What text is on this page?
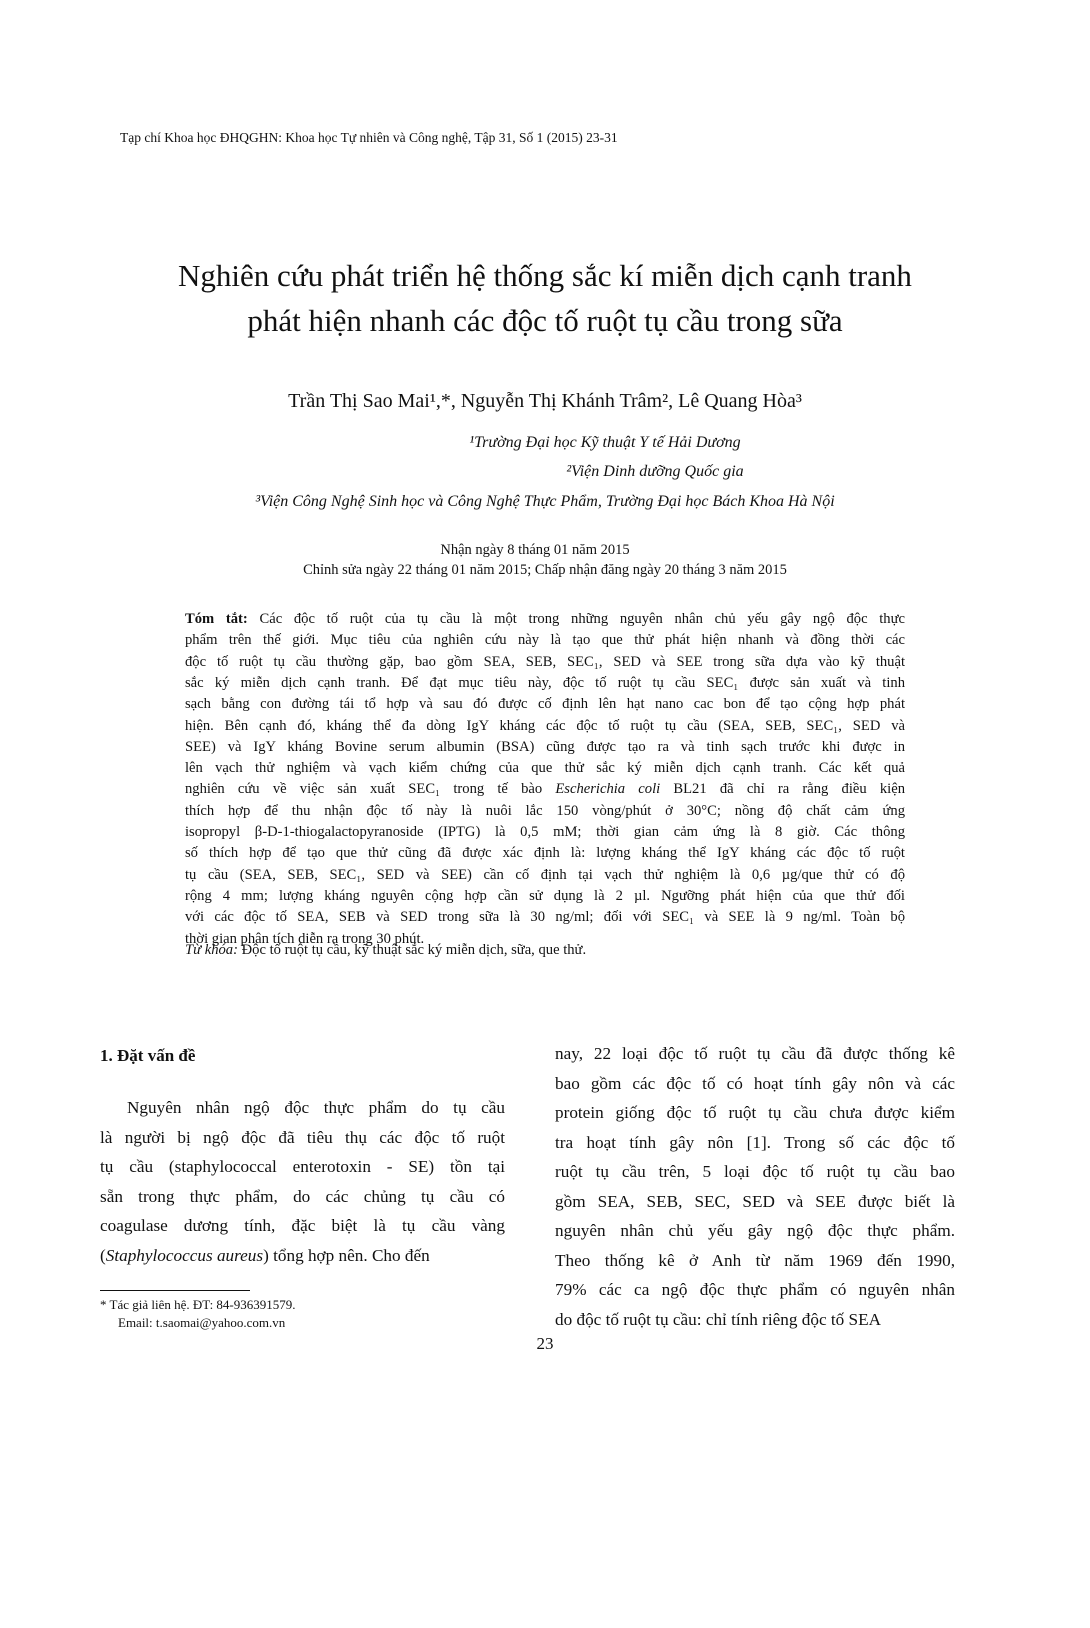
Tạp chí Khoa học ĐHQGHN: Khoa học Tự nhiên và Công nghệ, Tập 31, Số 1 (2015) 23-31
Nghiên cứu phát triển hệ thống sắc kí miễn dịch cạnh tranh
phát hiện nhanh các độc tố ruột tụ cầu trong sữa
Trần Thị Sao Mai¹,*, Nguyễn Thị Khánh Trâm², Lê Quang Hòa³
¹Trường Đại học Kỹ thuật Y tế Hải Dương
²Viện Dinh dưỡng Quốc gia
³Viện Công Nghệ Sinh học và Công Nghệ Thực Phẩm, Trường Đại học Bách Khoa Hà Nội
Nhận ngày 8 tháng 01 năm 2015
Chỉnh sửa ngày 22 tháng 01 năm 2015; Chấp nhận đăng ngày 20 tháng 3 năm 2015
Tóm tắt: Các độc tố ruột của tụ cầu là một trong những nguyên nhân chủ yếu gây ngộ độc thực
phẩm trên thế giới. Mục tiêu của nghiên cứu này là tạo que thử phát hiện nhanh và đồng thời các
độc tố ruột tụ cầu thường gặp, bao gồm SEA, SEB, SEC₁, SED và SEE trong sữa dựa vào kỹ thuật
sắc ký miễn dịch cạnh tranh. Để đạt mục tiêu này, độc tố ruột tụ cầu SEC₁ được sản xuất và tinh
sạch bằng con đường tái tổ hợp và sau đó được cố định lên hạt nano cac bon để tạo cộng hợp phát
hiện. Bên cạnh đó, kháng thể đa dòng IgY kháng các độc tố ruột tụ cầu (SEA, SEB, SEC₁, SED và
SEE) và IgY kháng Bovine serum albumin (BSA) cũng được tạo ra và tinh sạch trước khi được in
lên vạch thử nghiệm và vạch kiểm chứng của que thử sắc ký miễn dịch cạnh tranh. Các kết quả
nghiên cứu về việc sản xuất SEC₁ trong tế bào Escherichia coli BL21 đã chỉ ra rằng điều kiện
thích hợp để thu nhận độc tố này là nuôi lắc 150 vòng/phút ở 30°C; nồng độ chất cảm ứng
isopropyl β-D-1-thiogalactopyranoside (IPTG) là 0,5 mM; thời gian cảm ứng là 8 giờ. Các thông
số thích hợp để tạo que thử cũng đã được xác định là: lượng kháng thể IgY kháng các độc tố ruột
tụ cầu (SEA, SEB, SEC₁, SED và SEE) cần cố định tại vạch thử nghiệm là 0,6 µg/que thử có độ
rộng 4 mm; lượng kháng nguyên cộng hợp cần sử dụng là 2 µl. Ngưỡng phát hiện của que thử đối
với các độc tố SEA, SEB và SED trong sữa là 30 ng/ml; đối với SEC₁ và SEE là 9 ng/ml. Toàn bộ
thời gian phân tích diễn ra trong 30 phút.
Từ khóa: Độc tố ruột tụ cầu, kỹ thuật sắc ký miễn dịch, sữa, que thử.
1. Đặt vấn đề
Nguyên nhân ngộ độc thực phẩm do tụ cầu
là người bị ngộ độc đã tiêu thụ các độc tố ruột
tụ cầu (staphylococcal enterotoxin - SE) tồn tại
sẵn trong thực phẩm, do các chủng tụ cầu có
coagulase dương tính, đặc biệt là tụ cầu vàng
(Staphylococcus aureus) tổng hợp nên. Cho đến
nay, 22 loại độc tố ruột tụ cầu đã được thống kê
bao gồm các độc tố có hoạt tính gây nôn và các
protein giống độc tố ruột tụ cầu chưa được kiểm
tra hoạt tính gây nôn [1]. Trong số các độc tố
ruột tụ cầu trên, 5 loại độc tố ruột tụ cầu bao
gồm SEA, SEB, SEC, SED và SEE được biết là
nguyên nhân chủ yếu gây ngộ độc thực phẩm.
Theo thống kê ở Anh từ năm 1969 đến 1990,
79% các ca ngộ độc thực phẩm có nguyên nhân
do độc tố ruột tụ cầu: chỉ tính riêng độc tố SEA
* Tác giả liên hệ. ĐT: 84-936391579.
Email: t.saomai@yahoo.com.vn
23
